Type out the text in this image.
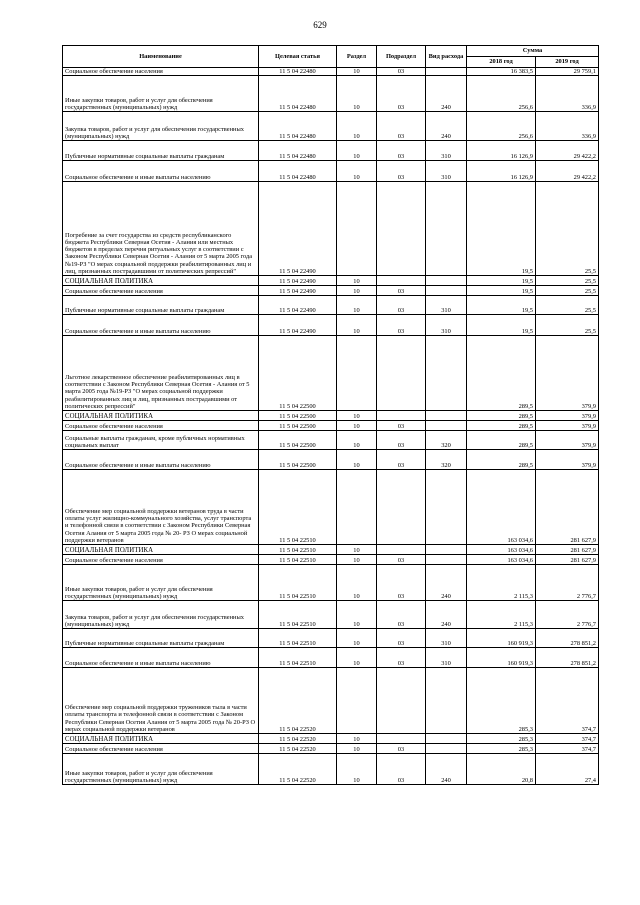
629
Наименование	Целевая статья	Раздел	Подраздел	Вид расхода	Сумма	
					2018 год	2019 год
Социальное обеспечение населения	11 5 04 22480	10	03		16 383,5	29 759,1
Иные закупки товаров, работ и услуг для обеспечения государственных (муниципальных) нужд	11 5 04 22480	10	03	240	256,6	336,9
Закупка товаров, работ и услуг для обеспечения государственных (муниципальных) нужд	11 5 04 22480	10	03	240	256,6	336,9
Публичные нормативные социальные выплаты гражданам	11 5 04 22480	10	03	310	16 126,9	29 422,2
Социальное обеспечение и иные выплаты населению	11 5 04 22480	10	03	310	16 126,9	29 422,2
Погребение за счет государства из средств республиканского бюджета Республики Северная Осетия - Алания или местных бюджетов в пределах перечня ритуальных услуг в соответствии с Законом Республики Северная Осетия - Алания от 5 марта 2005 года №19-РЗ "О мерах социальной поддержки реабилитированных лиц и лиц, признанных пострадавшими от политических репрессий"	11 5 04 22490				19,5	25,5
СОЦИАЛЬНАЯ ПОЛИТИКА	11 5 04 22490	10			19,5	25,5
Социальное обеспечение населения	11 5 04 22490	10	03		19,5	25,5
Публичные нормативные социальные выплаты гражданам	11 5 04 22490	10	03	310	19,5	25,5
Социальное обеспечение и иные выплаты населению	11 5 04 22490	10	03	310	19,5	25,5
Льготное лекарственное обеспечение реабилитированных лиц в соответствии с Законом Республики Северная Осетия - Алания от 5 марта 2005 года №19-РЗ "О мерах социальной поддержки реабилитированных лиц и лиц, признанных пострадавшими от политических репрессий"	11 5 04 22500				289,5	379,9
СОЦИАЛЬНАЯ ПОЛИТИКА	11 5 04 22500	10			289,5	379,9
Социальное обеспечение населения	11 5 04 22500	10	03		289,5	379,9
Социальные выплаты гражданам, кроме публичных нормативных социальных выплат	11 5 04 22500	10	03	320	289,5	379,9
Социальное обеспечение и иные выплаты населению	11 5 04 22500	10	03	320	289,5	379,9
Обеспечение мер социальной поддержки ветеранов труда в части оплаты услуг жилищно-коммунального хозяйства, услуг транспорта и телефонной связи в соответствии с Законом Республики Северная Осетия Алания от 5 марта 2005 года № 20- РЗ О мерах социальной поддержки ветеранов	11 5 04 22510				163 034,6	281 627,9
СОЦИАЛЬНАЯ ПОЛИТИКА	11 5 04 22510	10			163 034,6	281 627,9
Социальное обеспечение населения	11 5 04 22510	10	03		163 034,6	281 627,9
Иные закупки товаров, работ и услуг для обеспечения государственных (муниципальных) нужд	11 5 04 22510	10	03	240	2 115,3	2 776,7
Закупка товаров, работ и услуг для обеспечения государственных (муниципальных) нужд	11 5 04 22510	10	03	240	2 115,3	2 776,7
Публичные нормативные социальные выплаты гражданам	11 5 04 22510	10	03	310	160 919,3	278 851,2
Социальное обеспечение и иные выплаты населению	11 5 04 22510	10	03	310	160 919,3	278 851,2
Обеспечение мер социальной поддержки тружеников тыла в части оплаты транспорта и телефонной связи в соответствии с Законом Республики Северная Осетия Алания от 5 марта 2005 года № 20-РЗ О мерах социальной поддержки ветеранов	11 5 04 22520				285,3	374,7
СОЦИАЛЬНАЯ ПОЛИТИКА	11 5 04 22520	10			285,3	374,7
Социальное обеспечение населения	11 5 04 22520	10	03		285,3	374,7
Иные закупки товаров, работ и услуг для обеспечения государственных (муниципальных) нужд	11 5 04 22520	10	03	240	20,8	27,4
